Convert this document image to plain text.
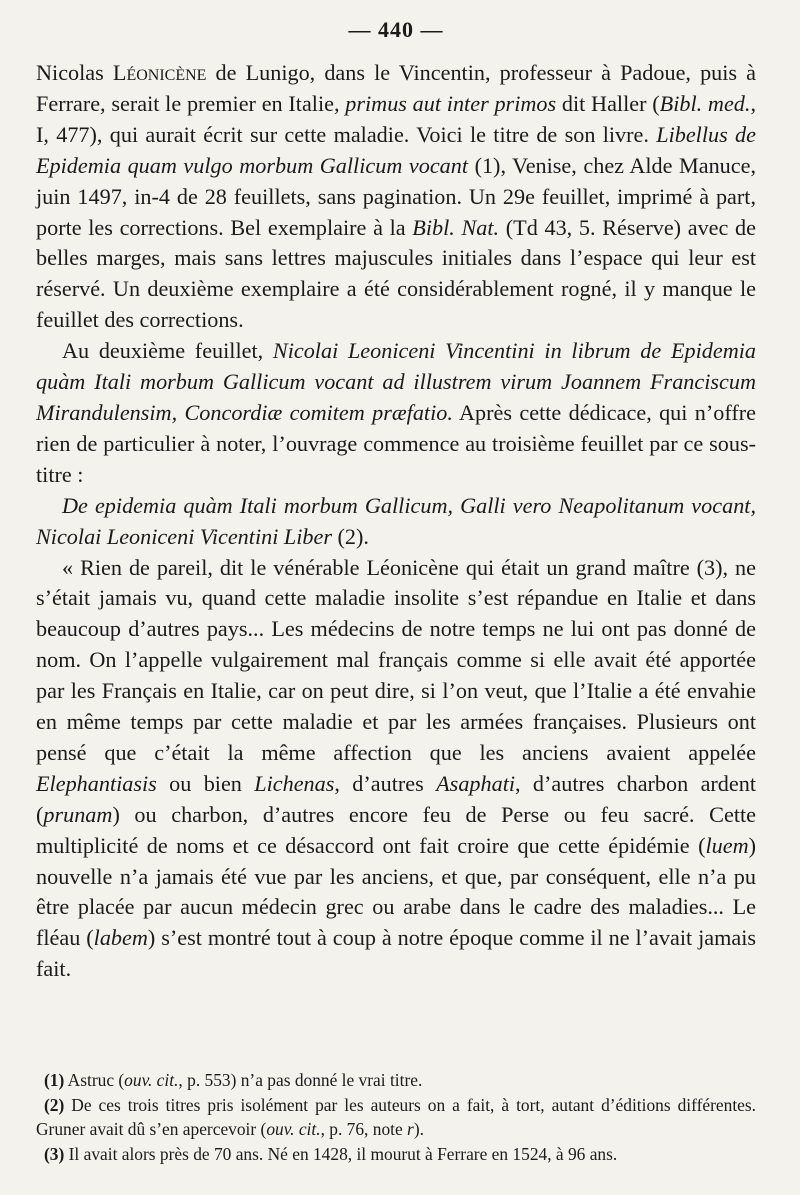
— 440 —

Nicolas Léonicène de Lunigo, dans le Vincentin, professeur à Padoue, puis à Ferrare, serait le premier en Italie, primus aut inter primos dit Haller (Bibl. med., I, 477), qui aurait écrit sur cette maladie. Voici le titre de son livre. Libellus de Epidemia quam vulgo morbum Gallicum vocant (1), Venise, chez Alde Manuce, juin 1497, in-4 de 28 feuillets, sans pagination. Un 29e feuillet, imprimé à part, porte les corrections. Bel exemplaire à la Bibl. Nat. (Td 43, 5. Réserve) avec de belles marges, mais sans lettres majuscules initiales dans l’espace qui leur est réservé. Un deuxième exemplaire a été considérablement rogné, il y manque le feuillet des corrections.

Au deuxième feuillet, Nicolai Leoniceni Vincentini in librum de Epidemia quàm Itali morbum Gallicum vocant ad illustrem virum Joannem Franciscum Mirandulensim, Concordiæ comitem præfatio. Après cette dédicace, qui n’offre rien de particulier à noter, l’ouvrage commence au troisième feuillet par ce sous-titre :

De epidemia quàm Itali morbum Gallicum, Galli vero Neapolitanum vocant, Nicolai Leoniceni Vicentini Liber (2).

« Rien de pareil, dit le vénérable Léonicène qui était un grand maître (3), ne s’était jamais vu, quand cette maladie insolite s’est répandue en Italie et dans beaucoup d’autres pays... Les médecins de notre temps ne lui ont pas donné de nom. On l’appelle vulgairement mal français comme si elle avait été apportée par les Français en Italie, car on peut dire, si l’on veut, que l’Italie a été envahie en même temps par cette maladie et par les armées françaises. Plusieurs ont pensé que c’était la même affection que les anciens avaient appelée Elephantiasis ou bien Lichenas, d’autres Asaphati, d’autres charbon ardent (prunam) ou charbon, d’autres encore feu de Perse ou feu sacré. Cette multiplicité de noms et ce désaccord ont fait croire que cette épidémie (luem) nouvelle n’a jamais été vue par les anciens, et que, par conséquent, elle n’a pu être placée par aucun médecin grec ou arabe dans le cadre des maladies... Le fléau (labem) s’est montré tout à coup à notre époque comme il ne l’avait jamais fait.

(1) Astruc (ouv. cit., p. 553) n’a pas donné le vrai titre.

(2) De ces trois titres pris isolément par les auteurs on a fait, à tort, autant d’éditions différentes. Gruner avait dû s’en apercevoir (ouv. cit., p. 76, note r).

(3) Il avait alors près de 70 ans. Né en 1428, il mourut à Ferrare en 1524, à 96 ans.
